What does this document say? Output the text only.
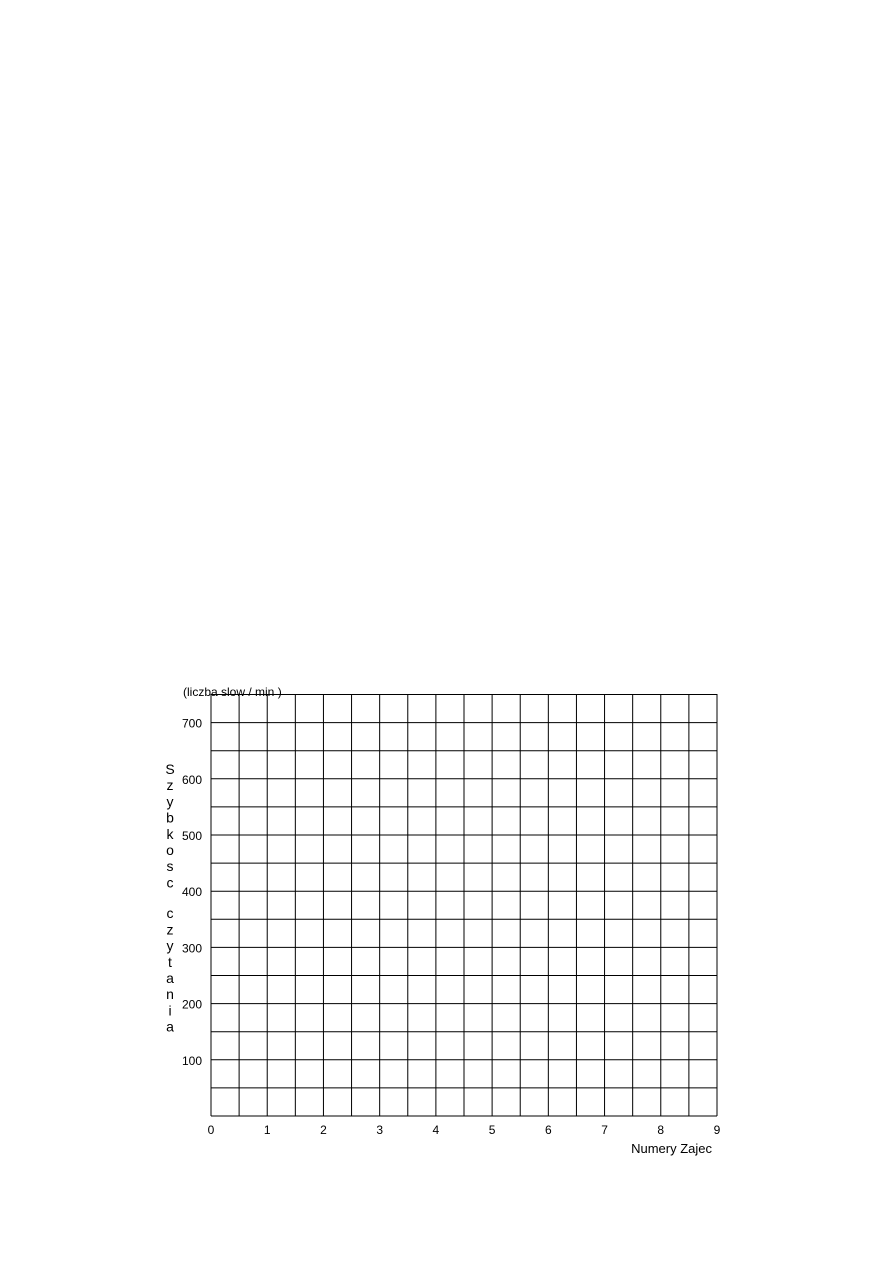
(liczba slow / min )
Numery Zajec
S
z
y
b
k
o
s
c
c
z
y
t
a
n
i
a
100
200
300
400
500
600
700
0	1	2	3	4	5	6	7	8	9
